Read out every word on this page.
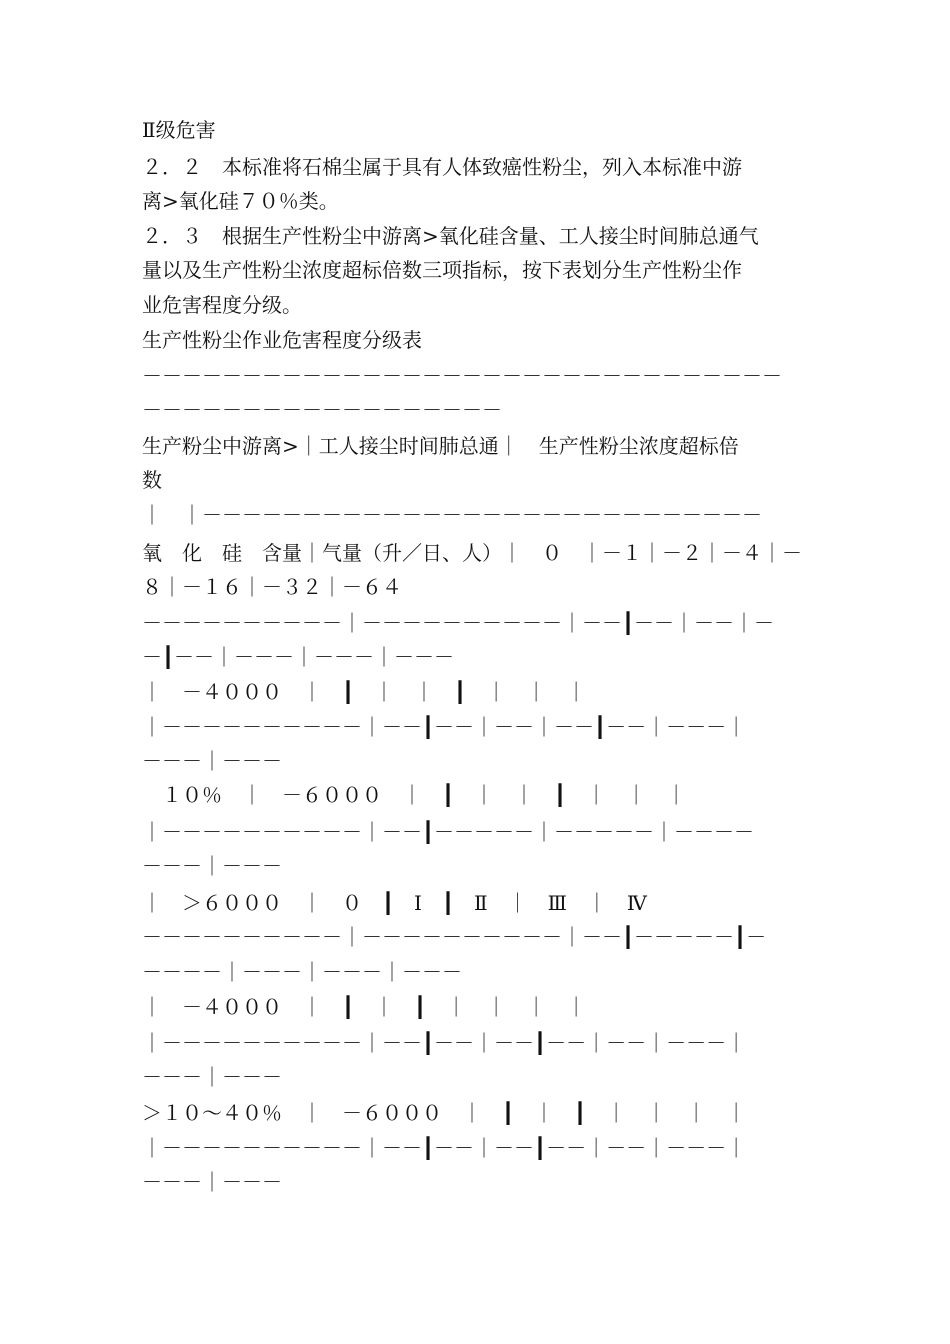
Ⅱ级危害
２．２　本标准将石棉尘属于具有人体致癌性粉尘，列入本标准中游
离>氧化硅７０％类。
２．３　根据生产性粉尘中游离>氧化硅含量、工人接尘时间肺总通气
量以及生产性粉尘浓度超标倍数三项指标，按下表划分生产性粉尘作
业危害程度分级。
生产性粉尘作业危害程度分级表
－－－－－－－－－－－－－－－－－－－－－－－－－－－－－－－－
－－－－－－－－－－－－－－－－－－
生产粉尘中游离>｜工人接尘时间肺总通｜　生产性粉尘浓度超标倍
数
｜　｜－－－－－－－－－－－－－－－－－－－－－－－－－－－－
氧　化　硅　含量｜气量（升／日、人）｜　０　｜－１｜－２｜－４｜－
８｜－１６｜－３２｜－６４
－－－－－－－－－－｜－－－－－－－－－－｜－－┃－－｜－－｜－
－┃－－｜－－－｜－－－｜－－－
｜　－４０００　｜　┃　｜　｜　┃　｜　｜　｜
｜－－－－－－－－－－｜－－┃－－｜－－｜－－┃－－｜－－－｜
－－－｜－－－
　１０％　｜　－６０００　｜　┃　｜　｜　┃　｜　｜　｜
｜－－－－－－－－－－｜－－┃－－－－－｜－－－－－｜－－－－
－－－｜－－－
｜　＞６０００　｜　０　┃　Ⅰ　┃　Ⅱ　｜　Ⅲ　｜　Ⅳ
－－－－－－－－－－｜－－－－－－－－－－｜－－┃－－－－－┃－
－－－－｜－－－｜－－－｜－－－
｜　－４０００　｜　┃　｜　┃　｜　｜　｜　｜
｜－－－－－－－－－－｜－－┃－－｜－－┃－－｜－－｜－－－｜
－－－｜－－－
＞１０～４０％　｜　－６０００　｜　┃　｜　┃　｜　｜　｜　｜
｜－－－－－－－－－－｜－－┃－－｜－－┃－－｜－－｜－－－｜
－－－｜－－－
